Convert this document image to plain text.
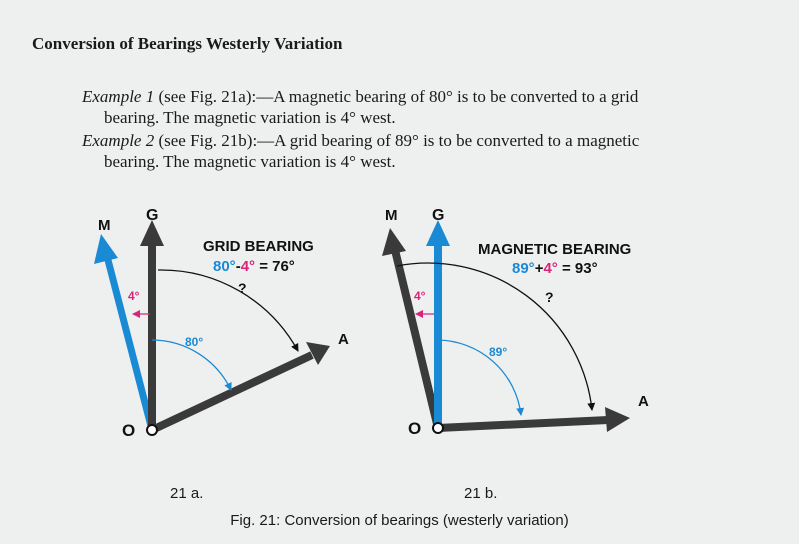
Conversion of Bearings Westerly Variation
Example 1 (see Fig. 21a):—A magnetic bearing of 80° is to be converted to a grid
bearing. The magnetic variation is 4° west.
Example 2 (see Fig. 21b):—A grid bearing of 89° is to be converted to a magnetic
bearing. The magnetic variation is 4° west.
M
G
O
A
GRID BEARING
80°-4° = 76°
4°
80°
?
M G
O
A
MAGNETIC BEARING
89°+4° = 93°
4°
89°
?
21 a.	21 b.
Fig. 21: Conversion of bearings (westerly variation)
